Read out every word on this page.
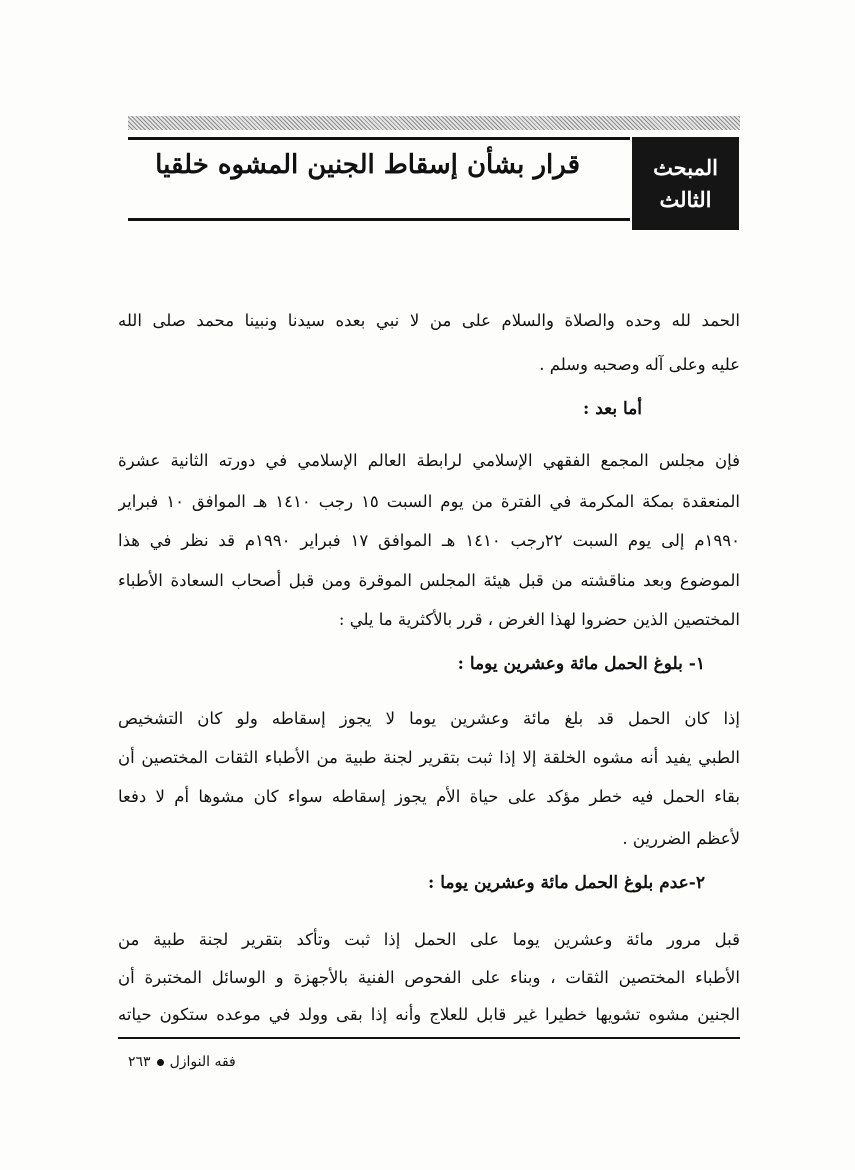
المبحث
الثالث
قرار بشأن إسقاط الجنين المشوه خلقيا
الحمد لله وحده والصلاة والسلام على من لا نبي بعده سيدنا ونبينا محمد صلى الله
عليه وعلى آله وصحبه وسلم .
أما بعد :
فإن مجلس المجمع الفقهي الإسلامي لرابطة العالم الإسلامي في دورته الثانية عشرة
المنعقدة بمكة المكرمة في الفترة من يوم السبت ١٥ رجب ١٤١٠ هـ الموافق ١٠ فبراير
١٩٩٠م إلى يوم السبت ٢٢رجب ١٤١٠ هـ الموافق ١٧ فبراير ١٩٩٠م قد نظر في هذا
الموضوع وبعد مناقشته من قبل هيئة المجلس الموقرة ومن قبل أصحاب السعادة الأطباء
المختصين الذين حضروا لهذا الغرض ، قرر بالأكثرية ما يلي :
١- بلوغ الحمل مائة وعشرين يوما :
إذا كان الحمل قد بلغ مائة وعشرين يوما لا يجوز إسقاطه ولو كان التشخيص
الطبي يفيد أنه مشوه الخلقة إلا إذا ثبت بتقرير لجنة طبية من الأطباء الثقات المختصين أن
بقاء الحمل فيه خطر مؤكد على حياة الأم يجوز إسقاطه سواء كان مشوها أم لا دفعا
لأعظم الضررين .
٢-عدم بلوغ الحمل مائة وعشرين يوما :
قبل مرور مائة وعشرين يوما على الحمل إذا ثبت وتأكد بتقرير لجنة طبية من
الأطباء المختصين الثقات ، وبناء على الفحوص الفنية بالأجهزة و الوسائل المختبرة أن
الجنين مشوه تشويها خطيرا غير قابل للعلاج وأنه إذا بقى وولد في موعده ستكون حياته
فقه النوازل٢٦٣
